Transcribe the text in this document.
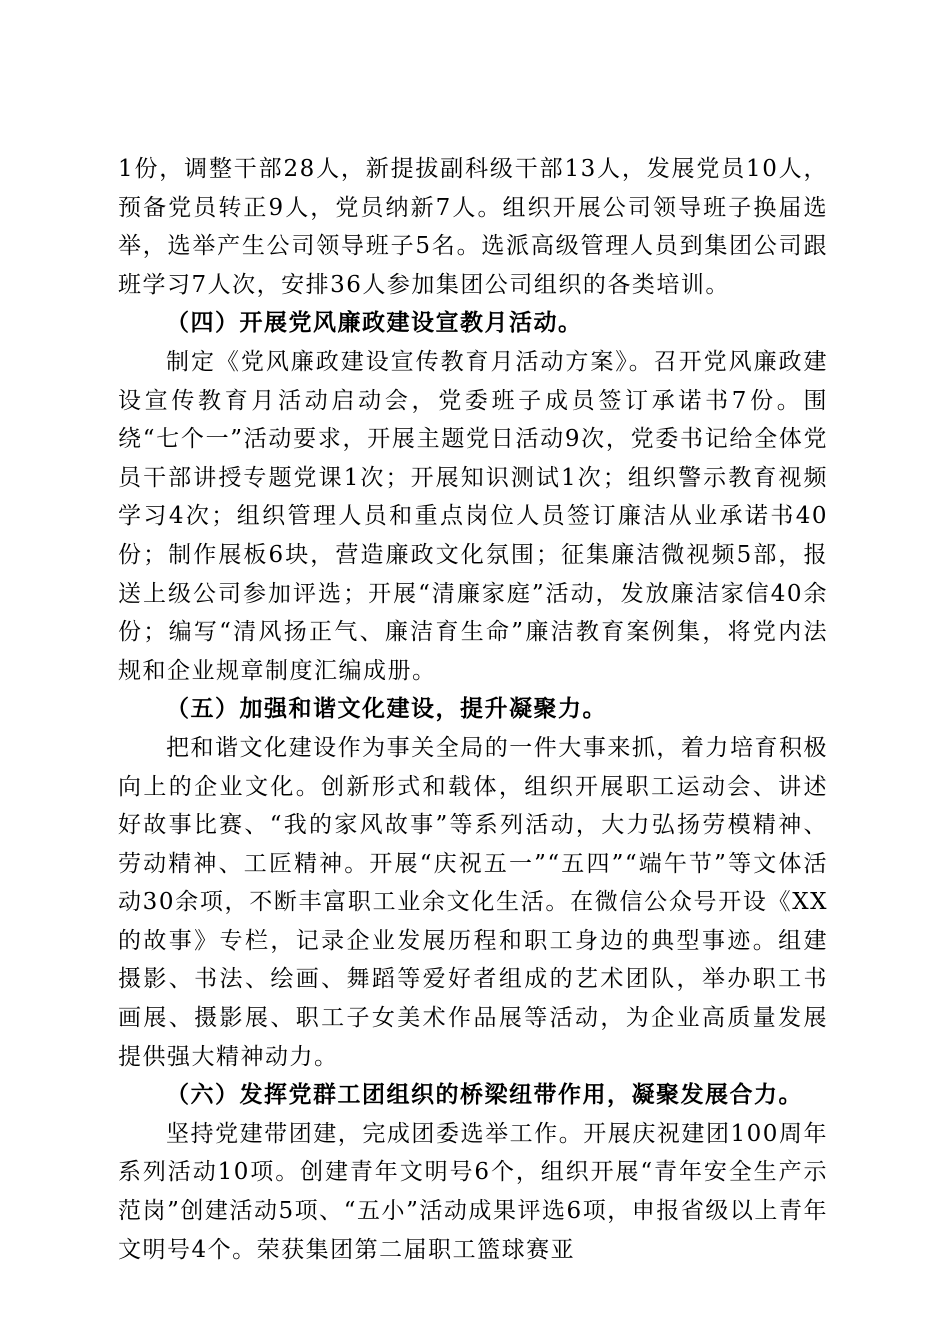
1份，调整干部28人，新提拔副科级干部13人，发展党员10人，预备党员转正9人，党员纳新7人。组织开展公司领导班子换届选举，选举产生公司领导班子5名。选派高级管理人员到集团公司跟班学习7人次，安排36人参加集团公司组织的各类培训。

（四）开展党风廉政建设宣教月活动。

制定《党风廉政建设宣传教育月活动方案》。召开党风廉政建设宣传教育月活动启动会，党委班子成员签订承诺书7份。围绕“七个一”活动要求，开展主题党日活动9次，党委书记给全体党员干部讲授专题党课1次；开展知识测试1次；组织警示教育视频学习4次；组织管理人员和重点岗位人员签订廉洁从业承诺书40份；制作展板6块，营造廉政文化氛围；征集廉洁微视频5部，报送上级公司参加评选；开展“清廉家庭”活动，发放廉洁家信40余份；编写“清风扬正气、廉洁育生命”廉洁教育案例集，将党内法规和企业规章制度汇编成册。

（五）加强和谐文化建设，提升凝聚力。

把和谐文化建设作为事关全局的一件大事来抓，着力培育积极向上的企业文化。创新形式和载体，组织开展职工运动会、讲述好故事比赛、“我的家风故事”等系列活动，大力弘扬劳模精神、劳动精神、工匠精神。开展“庆祝五一”“五四”“端午节”等文体活动30余项，不断丰富职工业余文化生活。在微信公众号开设《XX的故事》专栏，记录企业发展历程和职工身边的典型事迹。组建摄影、书法、绘画、舞蹈等爱好者组成的艺术团队，举办职工书画展、摄影展、职工子女美术作品展等活动，为企业高质量发展提供强大精神动力。

（六）发挥党群工团组织的桥梁纽带作用，凝聚发展合力。

坚持党建带团建，完成团委选举工作。开展庆祝建团100周年系列活动10项。创建青年文明号6个，组织开展“青年安全生产示范岗”创建活动5项、“五小”活动成果评选6项，申报省级以上青年文明号4个。荣获集团第二届职工篮球赛亚
